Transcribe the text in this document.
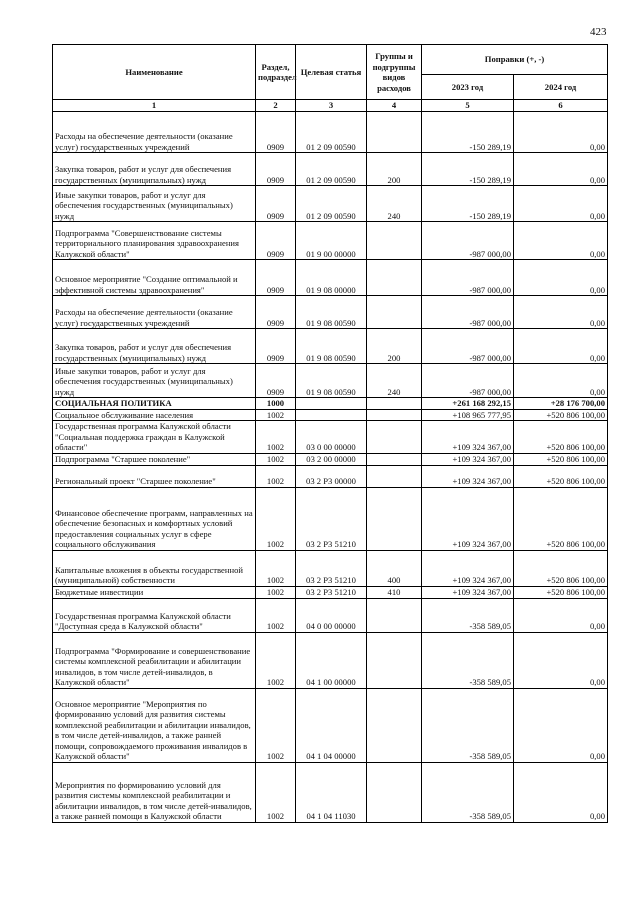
423
Наименование	Раздел, подраздел	Целевая статья	Группы и подгруппы видов расходов	Поправки (+, -)	
				2023 год	2024 год
1	2	3	4	5	6
Расходы на обеспечение деятельности (оказание услуг) государственных учреждений	0909	01 2 09 00590		-150 289,19	0,00
Закупка товаров, работ и услуг для обеспечения государственных (муниципальных) нужд	0909	01 2 09 00590	200	-150 289,19	0,00
Иные закупки товаров, работ и услуг для обеспечения государственных (муниципальных) нужд	0909	01 2 09 00590	240	-150 289,19	0,00
Подпрограмма "Совершенствование системы территориального планирования здравоохранения Калужской области"	0909	01 9 00 00000		-987 000,00	0,00
Основное мероприятие "Создание оптимальной и эффективной системы здравоохранения"	0909	01 9 08 00000		-987 000,00	0,00
Расходы на обеспечение деятельности (оказание услуг) государственных учреждений	0909	01 9 08 00590		-987 000,00	0,00
Закупка товаров, работ и услуг для обеспечения государственных (муниципальных) нужд	0909	01 9 08 00590	200	-987 000,00	0,00
Иные закупки товаров, работ и услуг для обеспечения государственных (муниципальных) нужд	0909	01 9 08 00590	240	-987 000,00	0,00
СОЦИАЛЬНАЯ ПОЛИТИКА	1000			+261 168 292,15	+28 176 700,00
Социальное обслуживание населения	1002			+108 965 777,95	+520 806 100,00
Государственная программа Калужской области "Социальная поддержка граждан в Калужской области"	1002	03 0 00 00000		+109 324 367,00	+520 806 100,00
Подпрограмма "Старшее поколение"	1002	03 2 00 00000		+109 324 367,00	+520 806 100,00
Региональный проект "Старшее поколение"	1002	03 2 P3 00000		+109 324 367,00	+520 806 100,00
Финансовое обеспечение программ, направленных на обеспечение безопасных и комфортных условий предоставления социальных услуг в сфере социального обслуживания	1002	03 2 P3 51210		+109 324 367,00	+520 806 100,00
Капитальные вложения в объекты государственной (муниципальной) собственности	1002	03 2 P3 51210	400	+109 324 367,00	+520 806 100,00
Бюджетные инвестиции	1002	03 2 P3 51210	410	+109 324 367,00	+520 806 100,00
Государственная программа Калужской области "Доступная среда в Калужской области"	1002	04 0 00 00000		-358 589,05	0,00
Подпрограмма "Формирование и совершенствование системы комплексной реабилитации и абилитации инвалидов, в том числе детей-инвалидов, в Калужской области"	1002	04 1 00 00000		-358 589,05	0,00
Основное мероприятие "Мероприятия по формированию условий для развития системы комплексной реабилитации и абилитации инвалидов, в том числе детей-инвалидов, а также ранней помощи, сопровождаемого проживания инвалидов в Калужской области"	1002	04 1 04 00000		-358 589,05	0,00
Мероприятия по формированию условий для развития системы комплексной реабилитации и абилитации инвалидов, в том числе детей-инвалидов, а также ранней помощи в Калужской области	1002	04 1 04 11030		-358 589,05	0,00
